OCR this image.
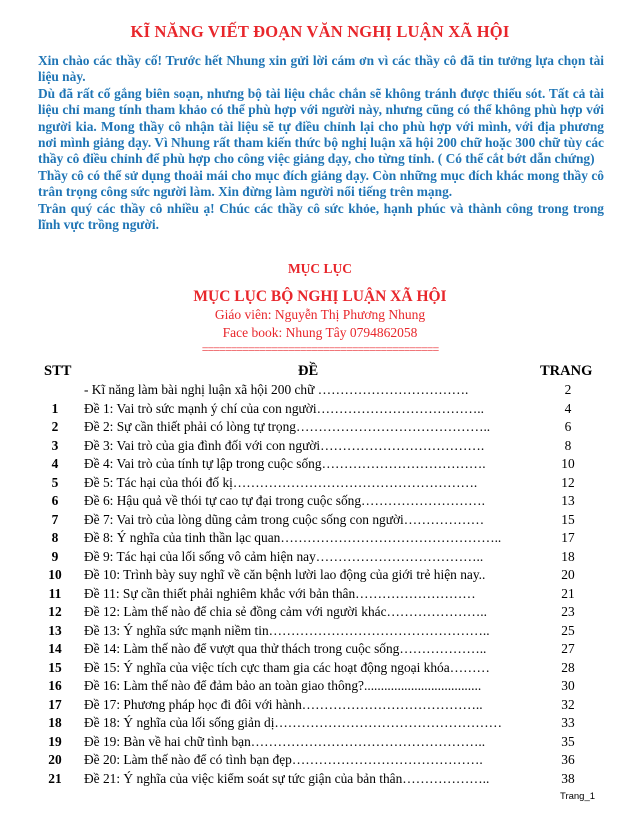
KĨ NĂNG VIẾT ĐOẠN VĂN NGHỊ LUẬN XÃ HỘI

Xin chào các thầy cố! Trước hết Nhung xin gửi lời cám ơn vì các thầy cô đã tin tưởng lựa chọn tài liệu này.

Dù đã rất cố gắng biên soạn, nhưng bộ tài liệu chắc chắn sẽ không tránh được thiếu sót. Tất cả tài liệu chỉ mang tính tham khảo có thể phù hợp với người này, nhưng cũng có thể không phù hợp với người kia. Mong thầy cô nhận tài liệu sẽ tự điều chỉnh lại cho phù hợp với mình, với địa phương nơi mình giảng dạy. Vì Nhung rất tham kiến thức bộ nghị luận xã hội 200 chữ hoặc 300 chữ tùy các thầy cô điều chỉnh để phù hợp cho công việc giảng dạy, cho từng tỉnh. ( Có thể cắt bớt dẫn chứng)

Thầy cô có thể sử dụng thoải mái cho mục đích giảng dạy. Còn những mục đích khác mong thầy cô trân trọng công sức người làm. Xin đừng làm người nổi tiếng trên mạng.

Trân quý các thầy cô nhiều ạ! Chúc các thầy cô sức khỏe, hạnh phúc và thành công trong trong lĩnh vực trồng người.

MỤC LỤC
MỤC LỤC BỘ NGHỊ LUẬN XÃ HỘI
Giáo viên: Nguyễn Thị Phương Nhung
Face book: Nhung Tây 0794862058
=========================================
STT	ĐỀ	TRANG
- Kĩ năng làm bài nghị luận xã hội 200 chữ …………………………….	2
1	Đề 1: Vai trò sức mạnh ý chí của con người………………………………..	4
2	Đề 2: Sự cần thiết phải có lòng tự trọng……………………………………..	6
3	Đề 3: Vai trò của gia đình đối với con người……………………………….	8
4	Đề 4: Vai trò của tính tự lập trong cuộc sống……………………………….	10
5	Đề 5: Tác hại của thói đố kị……………………………………………….	12
6	Đề 6: Hậu quả về thói tự cao tự đại trong cuộc sống……………………….	13
7	Đề 7: Vai trò của lòng dũng cảm trong cuộc sống con người………………	15
8	Đề 8: Ý nghĩa của tinh thần lạc quan…………………………………………..	17
9	Đề 9: Tác hại của lối sống vô cảm hiện nay………………………………..	18
10	Đề 10: Trình bày suy nghĩ về căn bệnh lười lao động của giới trẻ hiện nay..	20
11	Đề 11: Sự cần thiết phải nghiêm khắc với bản thân………………………	21
12	Đề 12: Làm thế nào để chia sẻ đồng cảm với người khác…………………..	23
13	Đề 13: Ý nghĩa sức mạnh niềm tin…………………………………………..	25
14	Đề 14: Làm thế nào để vượt qua thử thách trong cuộc sống………………..	27
15	Đề 15: Ý nghĩa của việc tích cực tham gia các hoạt động ngoại khóa………	28
16	Đề 16: Làm thế nào để đảm bảo an toàn giao thông?...................................	30
17	Đề 17: Phương pháp học đi đôi với hành…………………………………..	32
18	Đề 18: Ý nghĩa của lối sống giản dị……………………………………………	33
19	Đề 19: Bàn về hai chữ tình bạn……………………………………………..	35
20	Đề 20: Làm thế nào để có tình bạn đẹp…………………………………….	36
21	Đề 21: Ý nghĩa của việc kiểm soát sự tức giận của bản thân………………..	38
Trang_1
